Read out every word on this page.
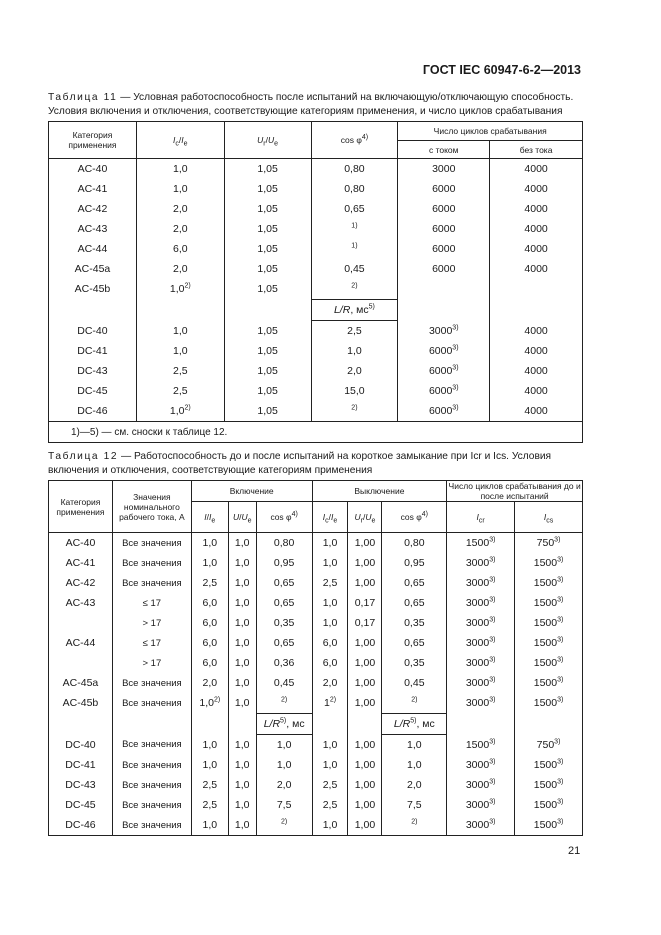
ГОСТ IEC 60947-6-2—2013
Таблица 11 — Условная работоспособность после испытаний на включающую/отключающую способность. Условия включения и отключения, соответствующие категориям применения, и число циклов срабатывания
Категория применения	$I_c/I_e$	$U_r/U_e$	$\cos \varphi^{4)}$	Число циклов срабатывания	
				с током	без тока
AC-40	1,0	1,05	0,80	3000	4000
AC-41	1,0	1,05	0,80	6000	4000
AC-42	2,0	1,05	0,65	6000	4000
AC-43	2,0	1,05	$^{1)}$	6000	4000
AC-44	6,0	1,05	$^{1)}$	6000	4000
AC-45a	2,0	1,05	0,45	6000	4000
AC-45b	1,0$^{2)}$	1,05	$^{2)}$		
			L/R, $мс^{5)}$		
DC-40	1,0	1,05	2,5	3000$^{3)}$	4000
DC-41	1,0	1,05	1,0	6000$^{3)}$	4000
DC-43	2,5	1,05	2,0	6000$^{3)}$	4000
DC-45	2,5	1,05	15,0	6000$^{3)}$	4000
DC-46	1,0$^{2)}$	1,05	$^{2)}$	6000$^{3)}$	4000
1)—5) — см. сноски к таблице 12.					
Таблица 12 — Работоспособность до и после испытаний на короткое замыкание при Icr и Ics. Условия включения и отключения, соответствующие категориям применения
Категория применения	Значения номинального рабочего тока, А	Включение			Выключение			Число циклов срабатывания до и после испытаний	
		$I/I_e$	$U/U_e$	$\cos \varphi^{4)}$	$I_c/I_e$	$U_r/U_e$	$\cos \varphi^{4)}$	$I_{cr}$	$I_{cs}$
AC-40	Все значения	1,0	1,0	0,80	1,0	1,00	0,80	1500$^{3)}$	750$^{3)}$
AC-41	Все значения	1,0	1,0	0,95	1,0	1,00	0,95	3000$^{3)}$	1500$^{3)}$
AC-42	Все значения	2,5	1,0	0,65	2,5	1,00	0,65	3000$^{3)}$	1500$^{3)}$
AC-43	≤ 17	6,0	1,0	0,65	1,0	0,17	0,65	3000$^{3)}$	1500$^{3)}$
	> 17	6,0	1,0	0,35	1,0	0,17	0,35	3000$^{3)}$	1500$^{3)}$
AC-44	≤ 17	6,0	1,0	0,65	6,0	1,00	0,65	3000$^{3)}$	1500$^{3)}$
	> 17	6,0	1,0	0,36	6,0	1,00	0,35	3000$^{3)}$	1500$^{3)}$
AC-45a	Все значения	2,0	1,0	0,45	2,0	1,00	0,45	3000$^{3)}$	1500$^{3)}$
AC-45b	Все значения	1,0$^{2)}$	1,0	$^{2)}$	1$^{2)}$	1,00	$^{2)}$	3000$^{3)}$	1500$^{3)}$
				$L/R^{5)}$, мс			$L/R^{5)}$, мс		
DC-40	Все значения	1,0	1,0	1,0	1,0	1,00	1,0	1500$^{3)}$	750$^{3)}$
DC-41	Все значения	1,0	1,0	1,0	1,0	1,00	1,0	3000$^{3)}$	1500$^{3)}$
DC-43	Все значения	2,5	1,0	2,0	2,5	1,00	2,0	3000$^{3)}$	1500$^{3)}$
DC-45	Все значения	2,5	1,0	7,5	2,5	1,00	7,5	3000$^{3)}$	1500$^{3)}$
DC-46	Все значения	1,0	1,0	$^{2)}$	1,0	1,00	$^{2)}$	3000$^{3)}$	1500$^{3)}$
21
